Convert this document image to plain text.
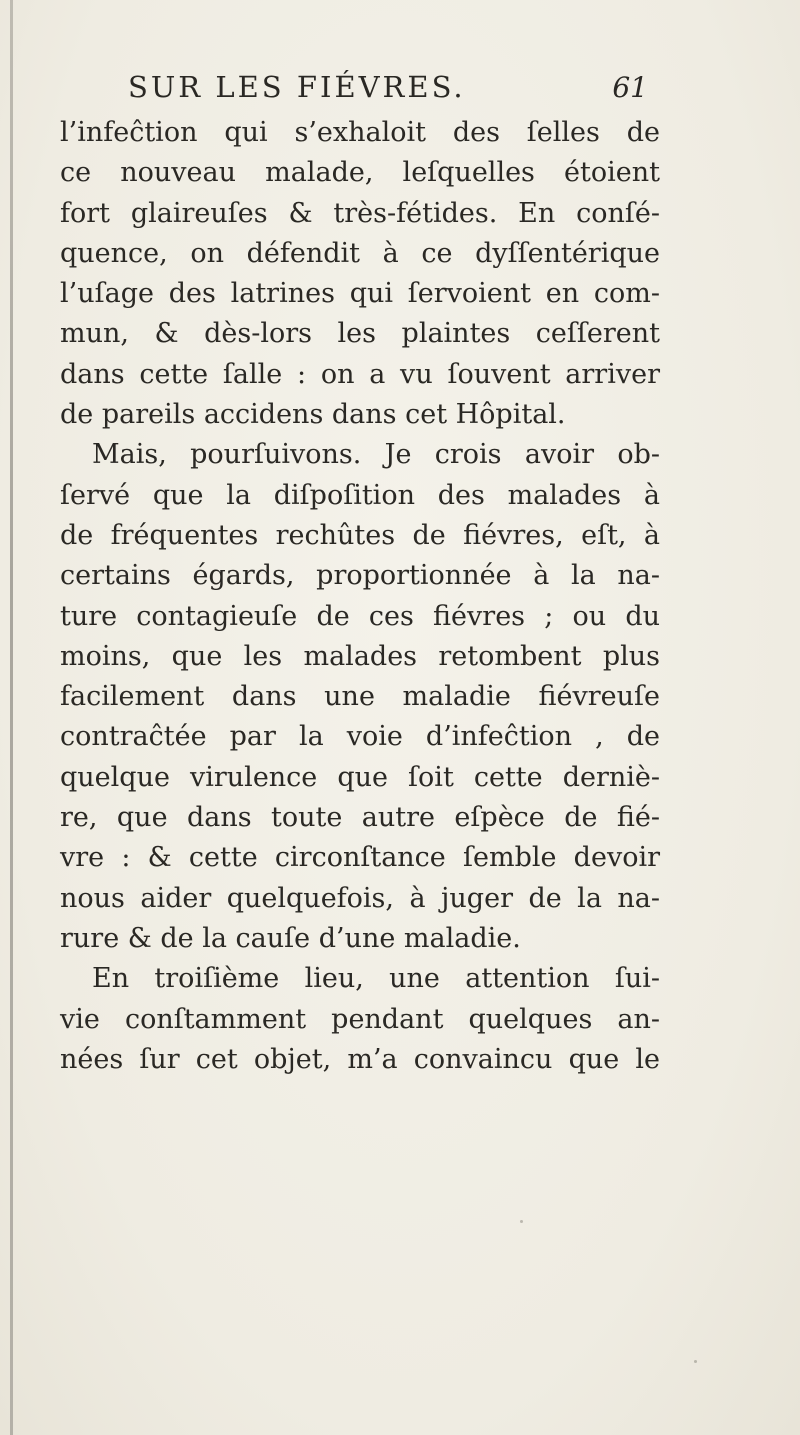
SUR LES FIÉVRES.	61
l’infeĉtion qui s’exhaloit des ſelles de
ce nouveau malade, leſquelles étoient
fort glaireuſes & très-fétides. En conſé-
quence, on défendit à ce dyſſentérique
l’uſage des latrines qui ſervoient en com-
mun, & dès-lors les plaintes ceſſerent
dans cette ſalle : on a vu ſouvent arriver
de pareils accidens dans cet Hôpital.
Mais, pourſuivons. Je crois avoir ob-
ſervé que la diſpoſition des malades à
de fréquentes rechûtes de fiévres, eſt, à
certains égards, proportionnée à la na-
ture contagieuſe de ces fiévres ; ou du
moins, que les malades retombent plus
facilement dans une maladie fiévreuſe
contraĉtée par la voie d’infeĉtion , de
quelque virulence que ſoit cette derniè-
re, que dans toute autre eſpèce de fié-
vre : & cette circonſtance ſemble devoir
nous aider quelquefois, à juger de la na-
rure & de la cauſe d’une maladie.
En troiſième lieu, une attention ſui-
vie conſtamment pendant quelques an-
nées ſur cet objet, m’a convaincu que le
